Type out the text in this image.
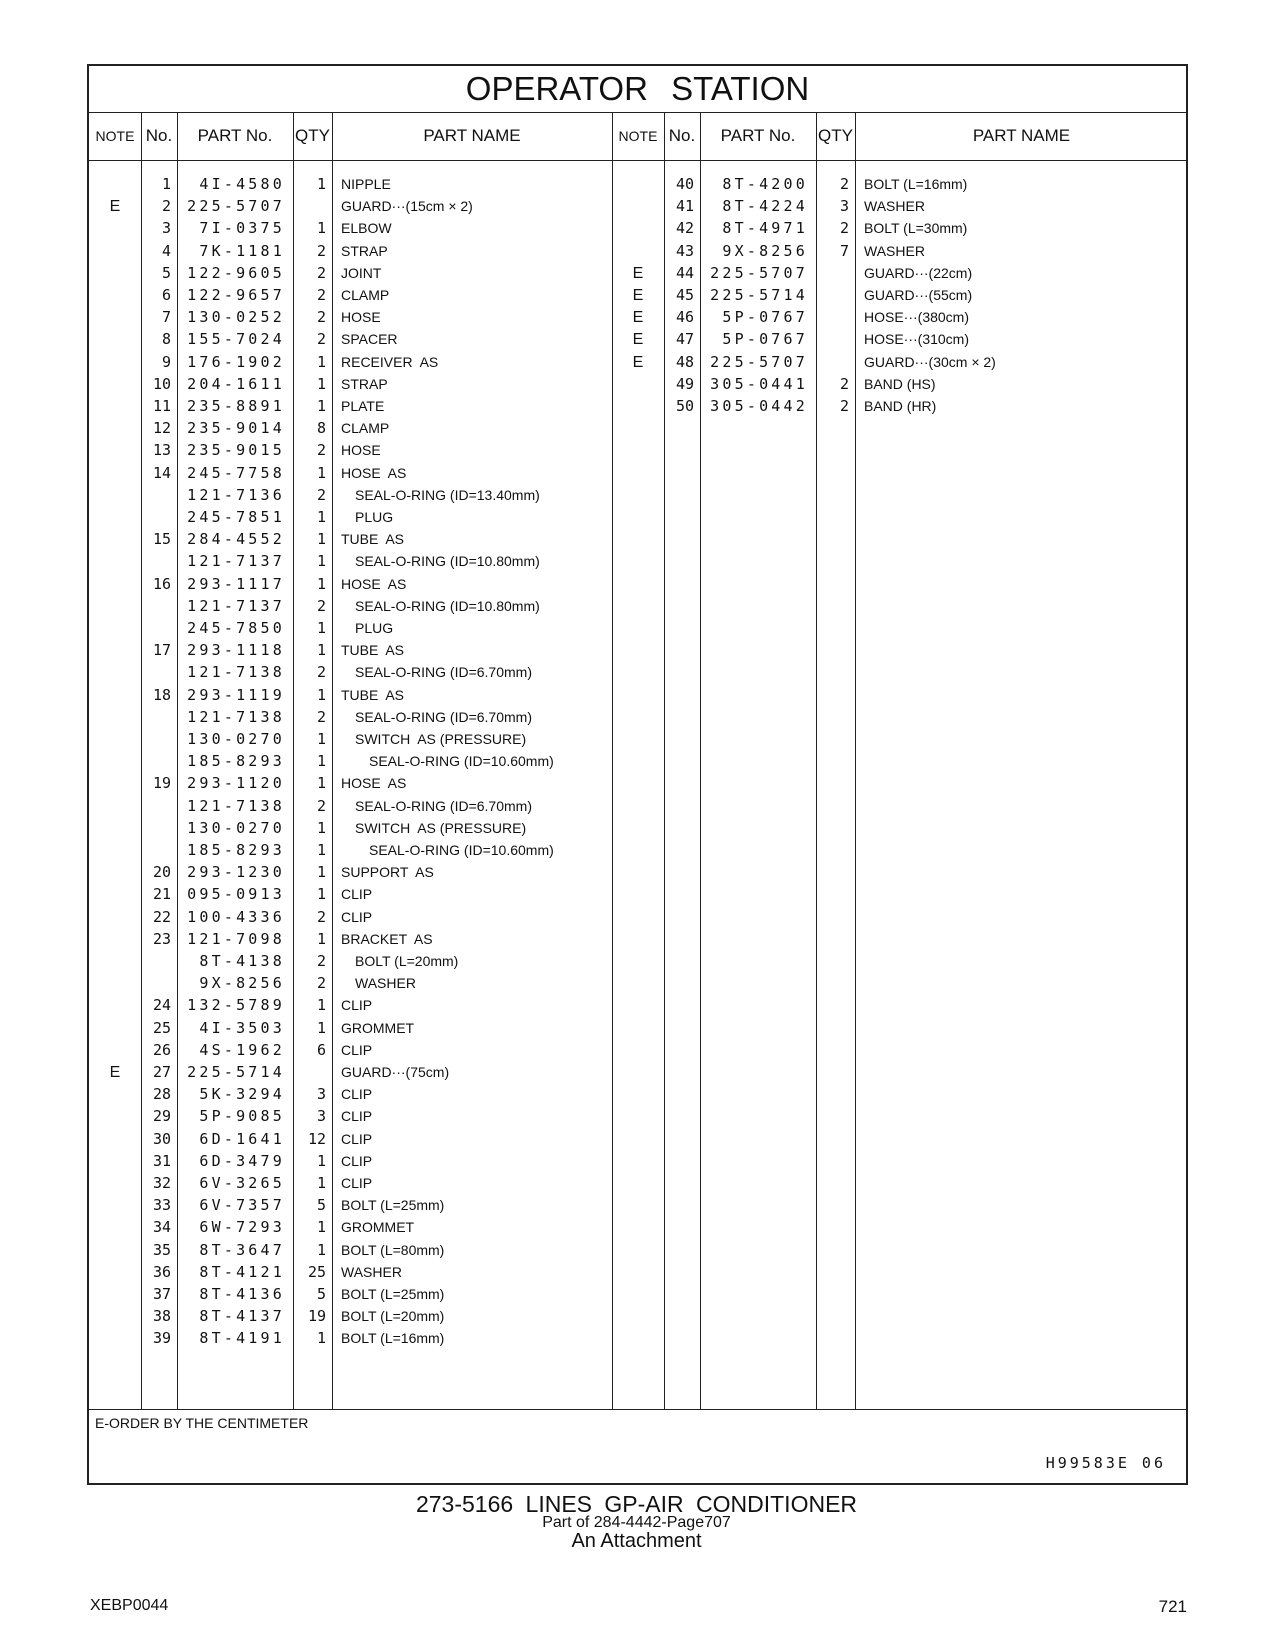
OPERATOR STATION
NOTE No.	PART No.	QTY	PART NAME	NOTE No.	PART No.	QTY	PART NAME
1	4I-4580	1 NIPPLE
E	2	225-5707	GUARD···(15cm × 2)
3	7I-0375	1 ELBOW
4	7K-1181	2 STRAP
5	122-9605	2 JOINT
6	122-9657	2 CLAMP
7	130-0252	2 HOSE
8	155-7024	2 SPACER
9	176-1902	1 RECEIVER  AS
10	204-1611	1 STRAP
11	235-8891	1 PLATE
12	235-9014	8 CLAMP
13	235-9015	2 HOSE
14	245-7758	1 HOSE  AS
121-7136	2 SEAL-O-RING (ID=13.40mm)
245-7851	1 PLUG
15	284-4552	1 TUBE  AS
121-7137	1 SEAL-O-RING (ID=10.80mm)
16	293-1117	1 HOSE  AS
121-7137	2 SEAL-O-RING (ID=10.80mm)
245-7850	1 PLUG
17	293-1118	1 TUBE  AS
121-7138	2 SEAL-O-RING (ID=6.70mm)
18	293-1119	1 TUBE  AS
121-7138	2 SEAL-O-RING (ID=6.70mm)
130-0270	1 SWITCH  AS (PRESSURE)
185-8293	1	SEAL-O-RING (ID=10.60mm)
19	293-1120	1 HOSE  AS
121-7138	2 SEAL-O-RING (ID=6.70mm)
130-0270	1 SWITCH  AS (PRESSURE)
185-8293	1	SEAL-O-RING (ID=10.60mm)
20	293-1230	1 SUPPORT  AS
21	095-0913	1 CLIP
22	100-4336	2 CLIP
23	121-7098	1 BRACKET  AS
8T-4138	2 BOLT (L=20mm)
9X-8256	2 WASHER
24	132-5789	1 CLIP
25	4I-3503	1 GROMMET
26	4S-1962	6 CLIP
E	27	225-5714	GUARD···(75cm)
28	5K-3294	3 CLIP
29	5P-9085	3 CLIP
30	6D-1641	12 CLIP
31	6D-3479	1 CLIP
32	6V-3265	1 CLIP
33	6V-7357	5 BOLT (L=25mm)
34	6W-7293	1 GROMMET
35	8T-3647	1 BOLT (L=80mm)
36	8T-4121	25 WASHER
37	8T-4136	5 BOLT (L=25mm)
38	8T-4137	19 BOLT (L=20mm)
39	8T-4191	1 BOLT (L=16mm)
40	8T-4200	2 BOLT (L=16mm)
41	8T-4224	3 WASHER
42	8T-4971	2 BOLT (L=30mm)
43	9X-8256	7 WASHER
E	44	225-5707	GUARD···(22cm)
E	45	225-5714	GUARD···(55cm)
E	46	5P-0767	HOSE···(380cm)
E	47	5P-0767	HOSE···(310cm)
E	48	225-5707	GUARD···(30cm × 2)
49	305-0441	2 BAND (HS)
50	305-0442	2 BAND (HR)
E-ORDER BY THE CENTIMETER
H99583E 06
273-5166 LINES GP-AIR CONDITIONER
Part of 284-4442-Page707
An Attachment
XEBP0044	721
